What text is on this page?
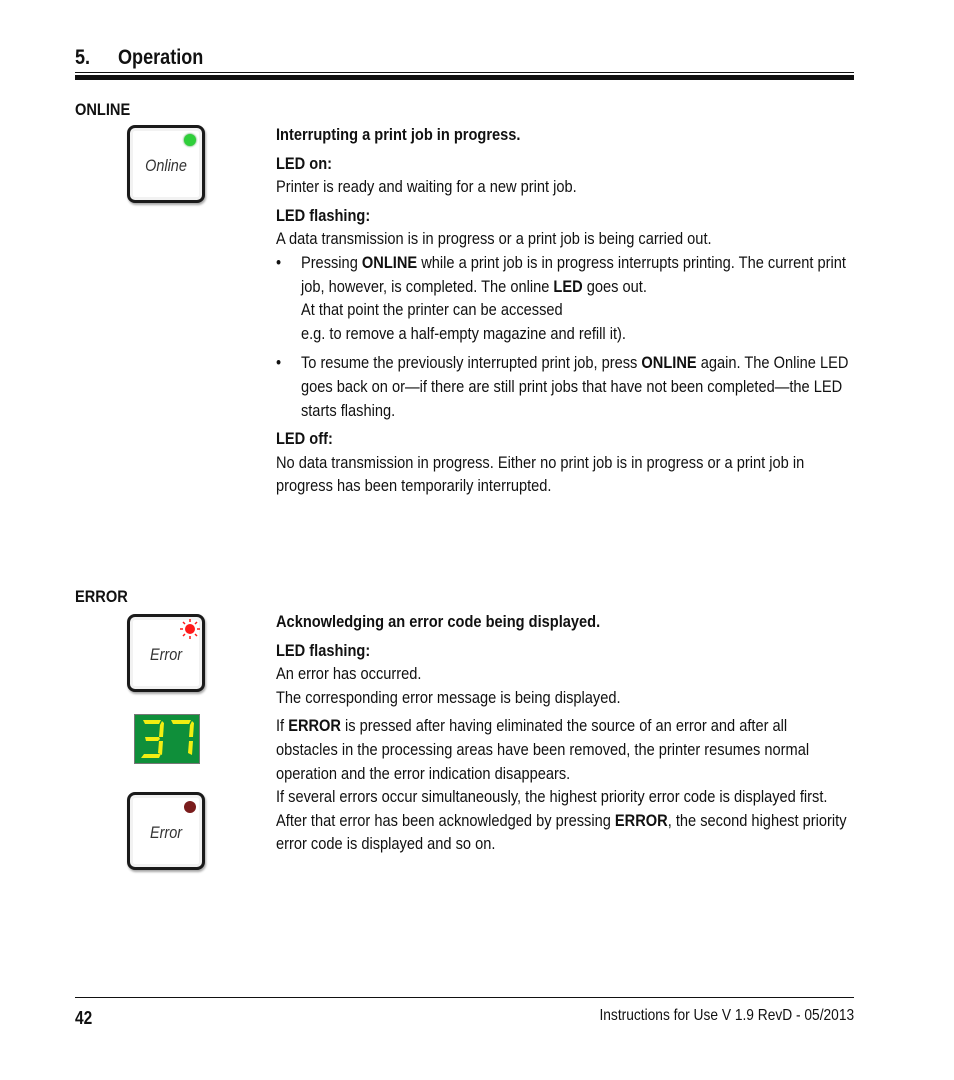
5. Operation
ONLINE
Online

Interrupting a print job in progress.

LED on:

Printer is ready and waiting for a new print job.

LED flashing:

A data transmission is in progress or a print job is being carried out.

• Pressing ONLINE while a print job is in progress interrupts printing. The current print job, however, is completed. The online LED goes out.
At that point the printer can be accessed
e.g. to remove a half-empty magazine and refill it).
• To resume the previously interrupted print job, press ONLINE again. The Online LED goes back on or—if there are still print jobs that have not been completed—the LED starts flashing.

LED off:

No data transmission in progress. Either no print job is in progress or a print job in progress has been temporarily interrupted.

ERROR
Error
Error

Acknowledging an error code being displayed.

LED flashing:

An error has occurred.

The corresponding error message is being displayed.

If ERROR is pressed after having eliminated the source of an error and after all obstacles in the processing areas have been removed, the printer resumes normal operation and the error indication disappears.

If several errors occur simultaneously, the highest priority error code is displayed first. After that error has been acknowledged by pressing ERROR, the second highest priority error code is displayed and so on.

42	Instructions for Use V 1.9 RevD - 05/2013
